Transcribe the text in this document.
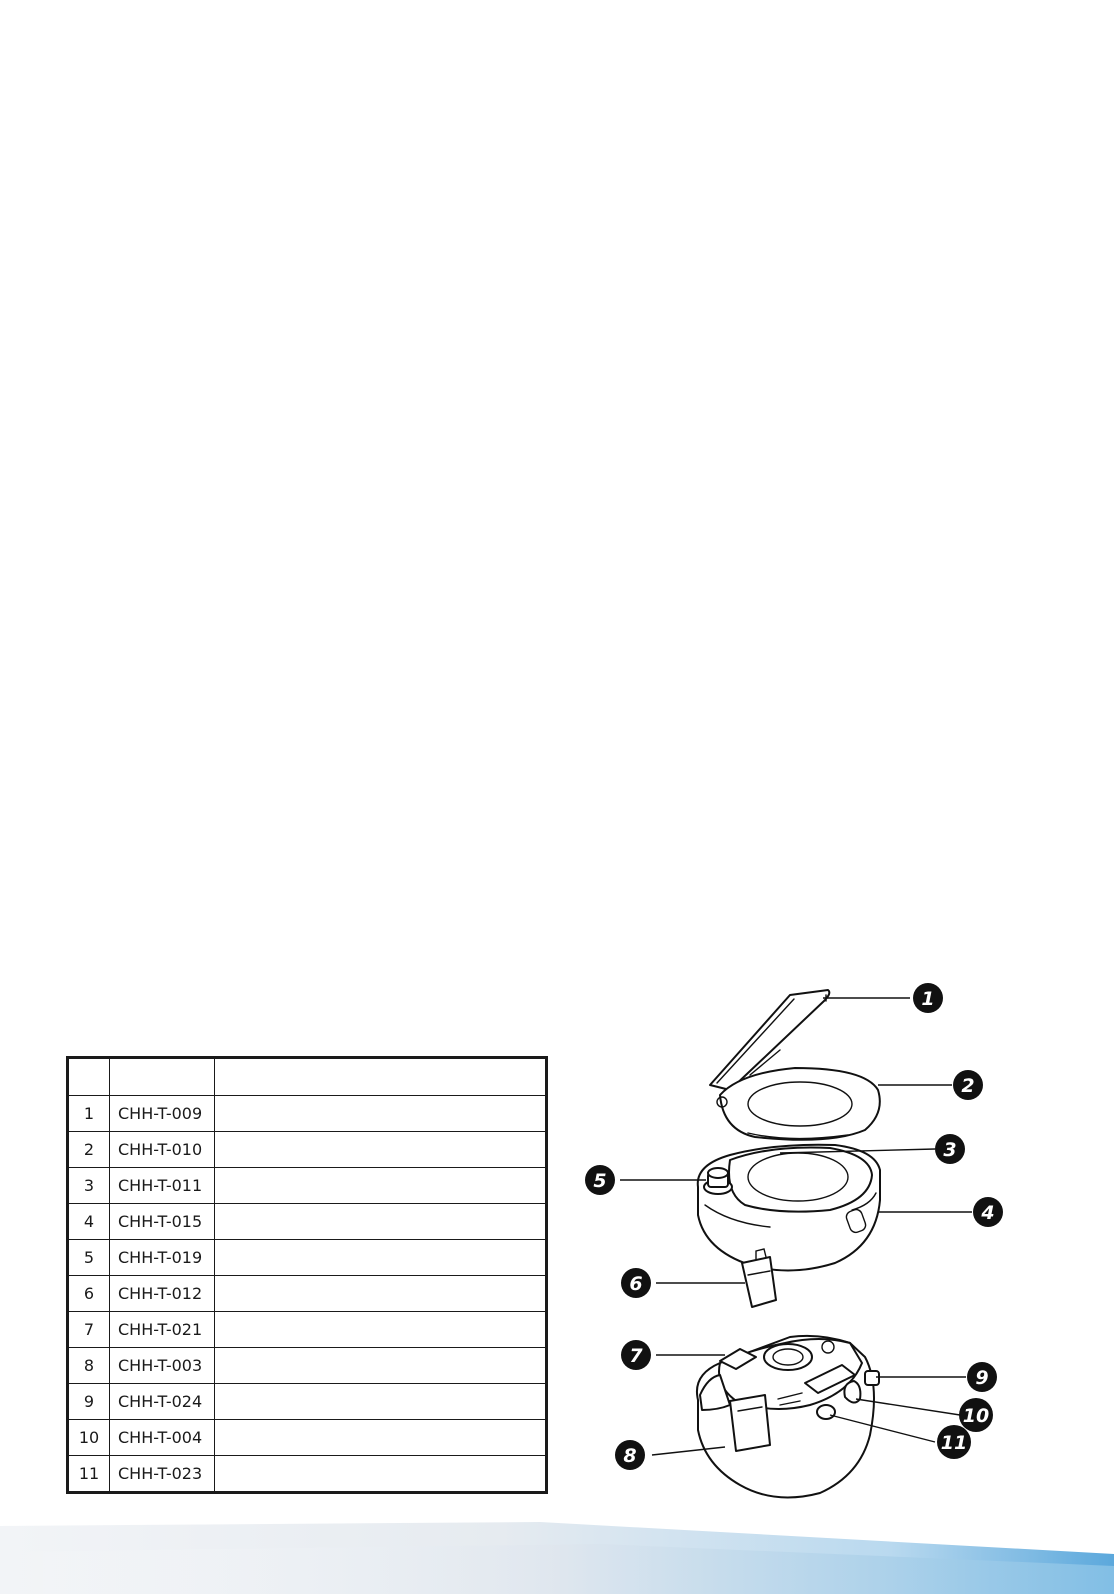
1	CHH-T-009	
2	CHH-T-010	
3	CHH-T-011	
4	CHH-T-015	
5	CHH-T-019	
6	CHH-T-012	
7	CHH-T-021	
8	CHH-T-003	
9	CHH-T-024	
10	CHH-T-004	
11	CHH-T-023	
1
2
3
4
5
6
7
8
9
10
11
